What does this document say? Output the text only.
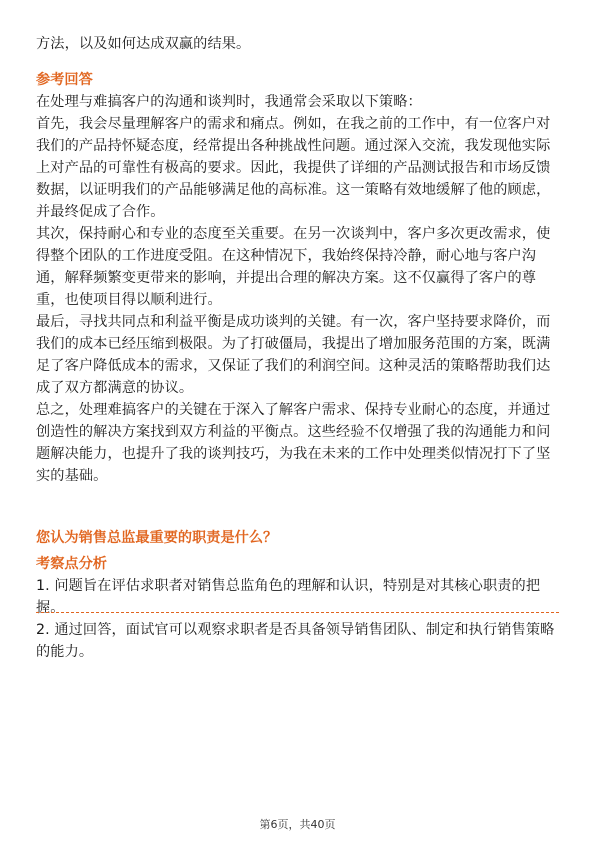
方法，以及如何达成双赢的结果。
参考回答
在处理与难搞客户的沟通和谈判时，我通常会采取以下策略：
首先，我会尽量理解客户的需求和痛点。例如，在我之前的工作中，有一位客户对
我们的产品持怀疑态度，经常提出各种挑战性问题。通过深入交流，我发现他实际
上对产品的可靠性有极高的要求。因此，我提供了详细的产品测试报告和市场反馈
数据，以证明我们的产品能够满足他的高标准。这一策略有效地缓解了他的顾虑，
并最终促成了合作。
其次，保持耐心和专业的态度至关重要。在另一次谈判中，客户多次更改需求，使
得整个团队的工作进度受阻。在这种情况下，我始终保持冷静，耐心地与客户沟
通，解释频繁变更带来的影响，并提出合理的解决方案。这不仅赢得了客户的尊
重，也使项目得以顺利进行。
最后，寻找共同点和利益平衡是成功谈判的关键。有一次，客户坚持要求降价，而
我们的成本已经压缩到极限。为了打破僵局，我提出了增加服务范围的方案，既满
足了客户降低成本的需求，又保证了我们的利润空间。这种灵活的策略帮助我们达
成了双方都满意的协议。
总之，处理难搞客户的关键在于深入了解客户需求、保持专业耐心的态度，并通过
创造性的解决方案找到双方利益的平衡点。这些经验不仅增强了我的沟通能力和问
题解决能力，也提升了我的谈判技巧，为我在未来的工作中处理类似情况打下了坚
实的基础。
您认为销售总监最重要的职责是什么？
考察点分析
1. 问题旨在评估求职者对销售总监角色的理解和认识，特别是对其核心职责的把
握。
2. 通过回答，面试官可以观察求职者是否具备领导销售团队、制定和执行销售策略
的能力。
第6页，共40页
